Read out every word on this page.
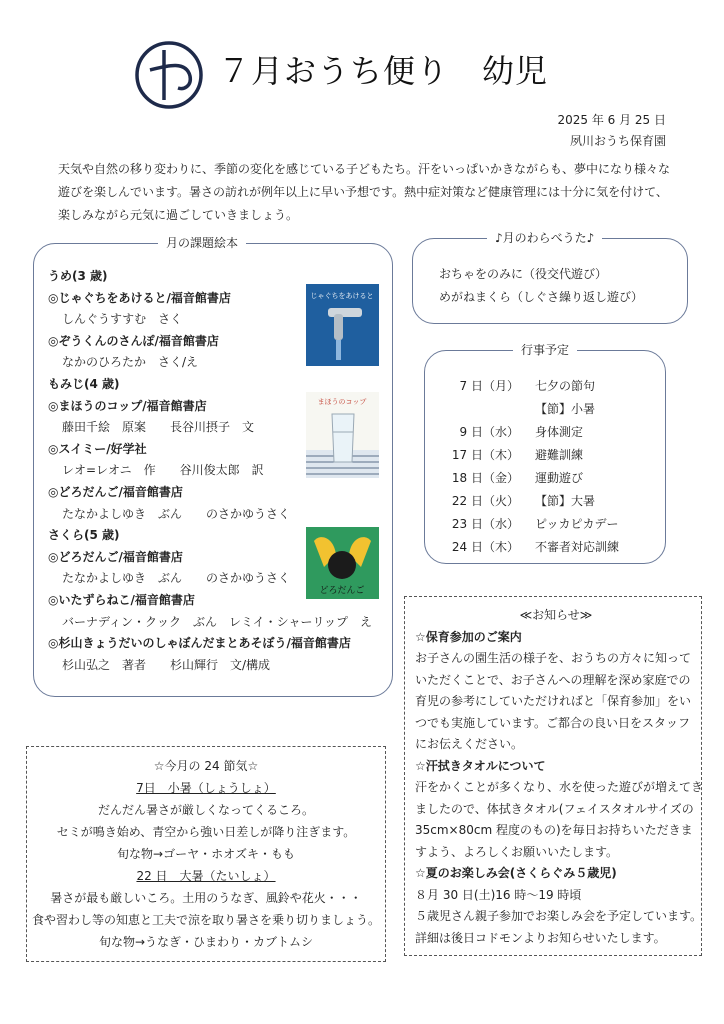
７月おうち便り　幼児
2025 年 6 月 25 日
夙川おうち保育園
天気や自然の移り変わりに、季節の変化を感じている子どもたち。汗をいっぱいかきながらも、夢中になり様々な
遊びを楽しんでいます。暑さの訪れが例年以上に早い予想です。熱中症対策など健康管理には十分に気を付けて、
楽しみながら元気に過ごしていきましょう。
月の課題絵本
うめ(3 歳)
◎じゃぐちをあけると/福音館書店
しんぐうすすむ　さく
◎ぞうくんのさんぽ/福音館書店
なかのひろたか　さく/え
もみじ(4 歳)
◎まほうのコップ/福音館書店
藤田千絵　原案　　長谷川摂子　文
◎スイミー/好学社
レオ=レオニ　作　　谷川俊太郎　訳
◎どろだんご/福音館書店
たなかよしゆき　ぶん　　のさかゆうさく
さくら(5 歳)
◎どろだんご/福音館書店
たなかよしゆき　ぶん　　のさかゆうさく
◎いたずらねこ/福音館書店
バーナディン・クック　ぶん　レミイ・シャーリップ　え
◎杉山きょうだいのしゃぼんだまとあそぼう/福音館書店
杉山弘之　著者　　杉山輝行　文/構成
じゃぐちをあけると
まほうのコップ
どろだんご
♪月のわらべうた♪
おちゃをのみに（役交代遊び）
めがねまくら（しぐさ繰り返し遊び）
行事予定
7 日（月） 七夕の節句
【節】小暑
9 日（水） 身体測定
17 日（木） 避難訓練
18 日（金） 運動遊び
22 日（火） 【節】大暑
23 日（水） ピッカピカデー
24 日（木） 不審者対応訓練
≪お知らせ≫
☆保育参加のご案内
お子さんの園生活の様子を、おうちの方々に知って
いただくことで、お子さんへの理解を深め家庭での
育児の参考にしていただければと「保育参加」をい
つでも実施しています。ご都合の良い日をスタッフ
にお伝えください。
☆汗拭きタオルについて
汗をかくことが多くなり、水を使った遊びが増えてき
ましたので、体拭きタオル(フェイスタオルサイズの
35cm×80cm 程度のもの)を毎日お持ちいただきま
すよう、よろしくお願いいたします。
☆夏のお楽しみ会(さくらぐみ５歳児)
８月 30 日(土)16 時～19 時頃
５歳児さん親子参加でお楽しみ会を予定しています。
詳細は後日コドモンよりお知らせいたします。
☆今月の 24 節気☆
7日　小暑（しょうしょ）
だんだん暑さが厳しくなってくるころ。
セミが鳴き始め、青空から強い日差しが降り注ぎます。
旬な物→ゴーヤ・ホオズキ・もも
22 日　大暑（たいしょ）
暑さが最も厳しいころ。土用のうなぎ、風鈴や花火・・・
食や習わし等の知恵と工夫で涼を取り暑さを乗り切りましょう。
旬な物→うなぎ・ひまわり・カブトムシ
